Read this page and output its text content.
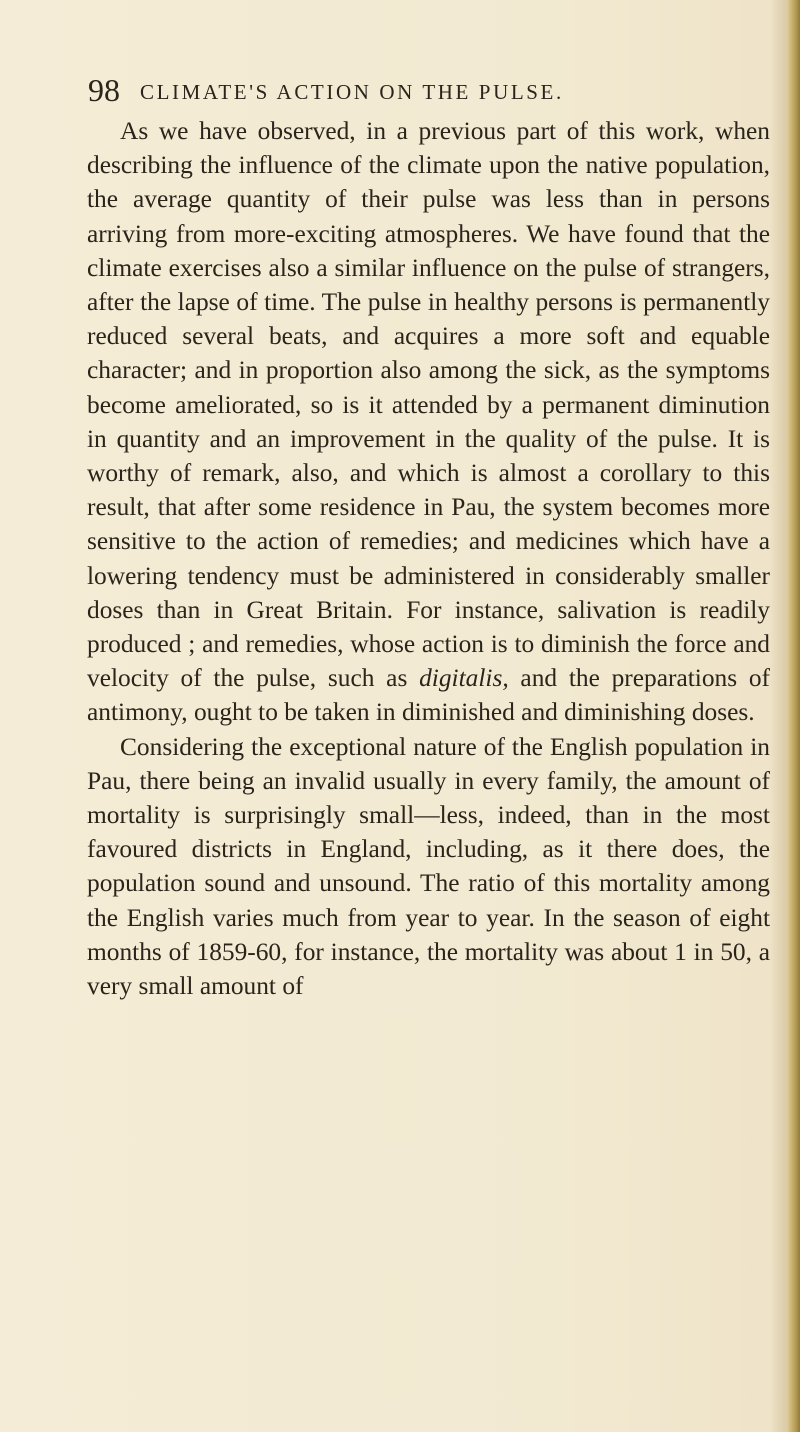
98 CLIMATE'S ACTION ON THE PULSE.

As we have observed, in a previous part of this work, when describing the influence of the climate upon the native population, the average quantity of their pulse was less than in persons arriving from more-exciting atmospheres. We have found that the climate exercises also a similar influence on the pulse of strangers, after the lapse of time. The pulse in healthy persons is permanently reduced several beats, and acquires a more soft and equable character; and in proportion also among the sick, as the symptoms become ameliorated, so is it attended by a permanent diminution in quantity and an improvement in the quality of the pulse. It is worthy of remark, also, and which is almost a corollary to this result, that after some residence in Pau, the system becomes more sensitive to the action of remedies; and medicines which have a lowering tendency must be administered in considerably smaller doses than in Great Britain. For instance, salivation is readily produced ; and remedies, whose action is to diminish the force and velocity of the pulse, such as digitalis, and the preparations of antimony, ought to be taken in diminished and diminishing doses.

Considering the exceptional nature of the English population in Pau, there being an invalid usually in every family, the amount of mortality is surprisingly small—less, indeed, than in the most favoured districts in England, including, as it there does, the population sound and unsound. The ratio of this mortality among the English varies much from year to year. In the season of eight months of 1859-60, for instance, the mortality was about 1 in 50, a very small amount of
